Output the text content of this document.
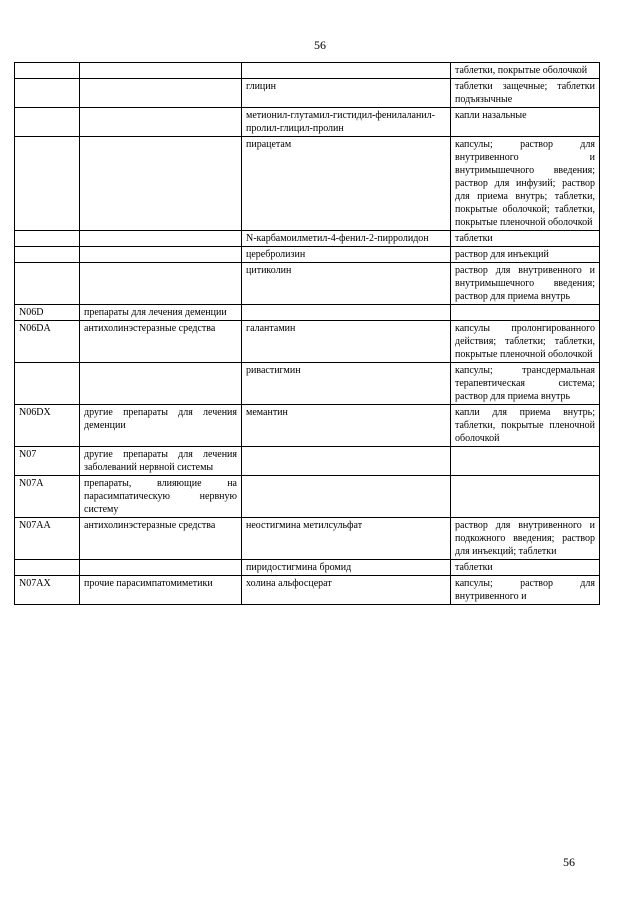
56
			таблетки, покрытые оболочкой
		глицин	таблетки защечные; таблетки подъязычные
		метионил-глутамил-гистидил-фенилаланил-пролил-глицил-пролин	капли назальные
		пирацетам	капсулы; раствор для внутривенного и внутримышечного введения; раствор для инфузий; раствор для приема внутрь; таблетки, покрытые оболочкой; таблетки, покрытые пленочной оболочкой
		N-карбамоилметил-4-фенил-2-пирролидон	таблетки
		церебролизин	раствор для инъекций
		цитиколин	раствор для внутривенного и внутримышечного введения; раствор для приема внутрь
N06D	препараты для лечения деменции		
N06DA	антихолинэстеразные средства	галантамин	капсулы пролонгированного действия; таблетки; таблетки, покрытые пленочной оболочкой
		ривастигмин	капсулы; трансдермальная терапевтическая система; раствор для приема внутрь
N06DX	другие препараты для лечения деменции	мемантин	капли для приема внутрь; таблетки, покрытые пленочной оболочкой
N07	другие препараты для лечения заболеваний нервной системы		
N07A	препараты, влияющие на парасимпатическую нервную систему		
N07AA	антихолинэстеразные средства	неостигмина метилсульфат	раствор для внутривенного и подкожного введения; раствор для инъекций; таблетки
		пиридостигмина бромид	таблетки
N07AX	прочие парасимпатомиметики	холина альфосцерат	капсулы; раствор для внутривенного и
56
